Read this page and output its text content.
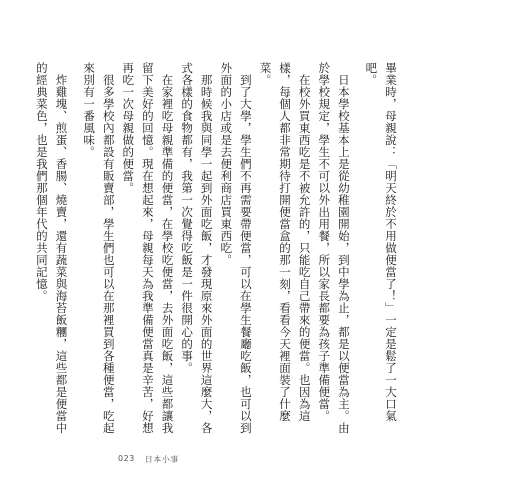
畢業時，母親說：「明天終於不用做便當了！」一定是鬆了一大口氣吧。

日本學校基本上是從幼稚園開始，到中學為止，都是以便當為主。由於學校規定，學生不可以外出用餐，所以家長都要為孩子準備便當。

在校外買東西吃是不被允許的，只能吃自己帶來的便當。也因為這樣，每個人都非常期待打開便當盒的那一刻，看看今天裡面裝了什麼菜。

到了大學，學生們不再需要帶便當，可以在學生餐廳吃飯，也可以到外面的小店或是去便利商店買東西吃。

那時候我與同學一起到外面吃飯，才發現原來外面的世界這麼大，各式各樣的食物都有，我第一次覺得吃飯是一件很開心的事。

在家裡吃母親準備的便當，在學校吃便當，去外面吃飯，這些都讓我留下美好的回憶。現在想起來，母親每天為我準備便當真是辛苦，好想再吃一次母親做的便當。

很多學校內都設有販賣部，學生們也可以在那裡買到各種便當，吃起來別有一番風味。

炸雞塊、煎蛋、香腸、燒賣，還有蔬菜與海苔飯糰，這些都是便當中的經典菜色，也是我們那個年代的共同記憶。

023 日本小事
